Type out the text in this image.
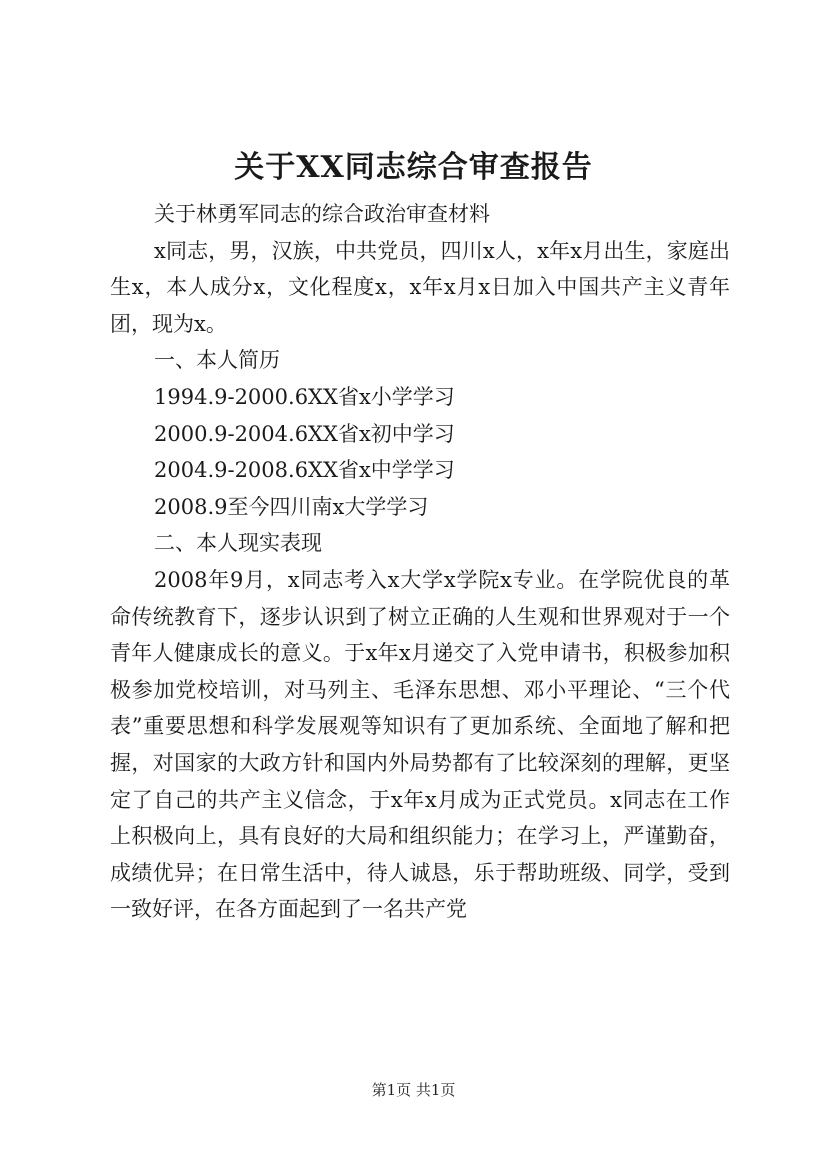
关于XX同志综合审查报告

关于林勇军同志的综合政治审查材料

x同志，男，汉族，中共党员，四川x人，x年x月出生，家庭出生x，本人成分x，文化程度x，x年x月x日加入中国共产主义青年团，现为x。

一、本人简历

1994.9-2000.6XX省x小学学习

2000.9-2004.6XX省x初中学习

2004.9-2008.6XX省x中学学习

2008.9至今四川南x大学学习

二、本人现实表现

2008年9月，x同志考入x大学x学院x专业。在学院优良的革命传统教育下，逐步认识到了树立正确的人生观和世界观对于一个青年人健康成长的意义。于x年x月递交了入党申请书，积极参加积极参加党校培训，对马列主、毛泽东思想、邓小平理论、“三个代表”重要思想和科学发展观等知识有了更加系统、全面地了解和把握，对国家的大政方针和国内外局势都有了比较深刻的理解，更坚定了自己的共产主义信念，于x年x月成为正式党员。x同志在工作上积极向上，具有良好的大局和组织能力；在学习上，严谨勤奋，成绩优异；在日常生活中，待人诚恳，乐于帮助班级、同学，受到一致好评，在各方面起到了一名共产党

第1页 共1页
